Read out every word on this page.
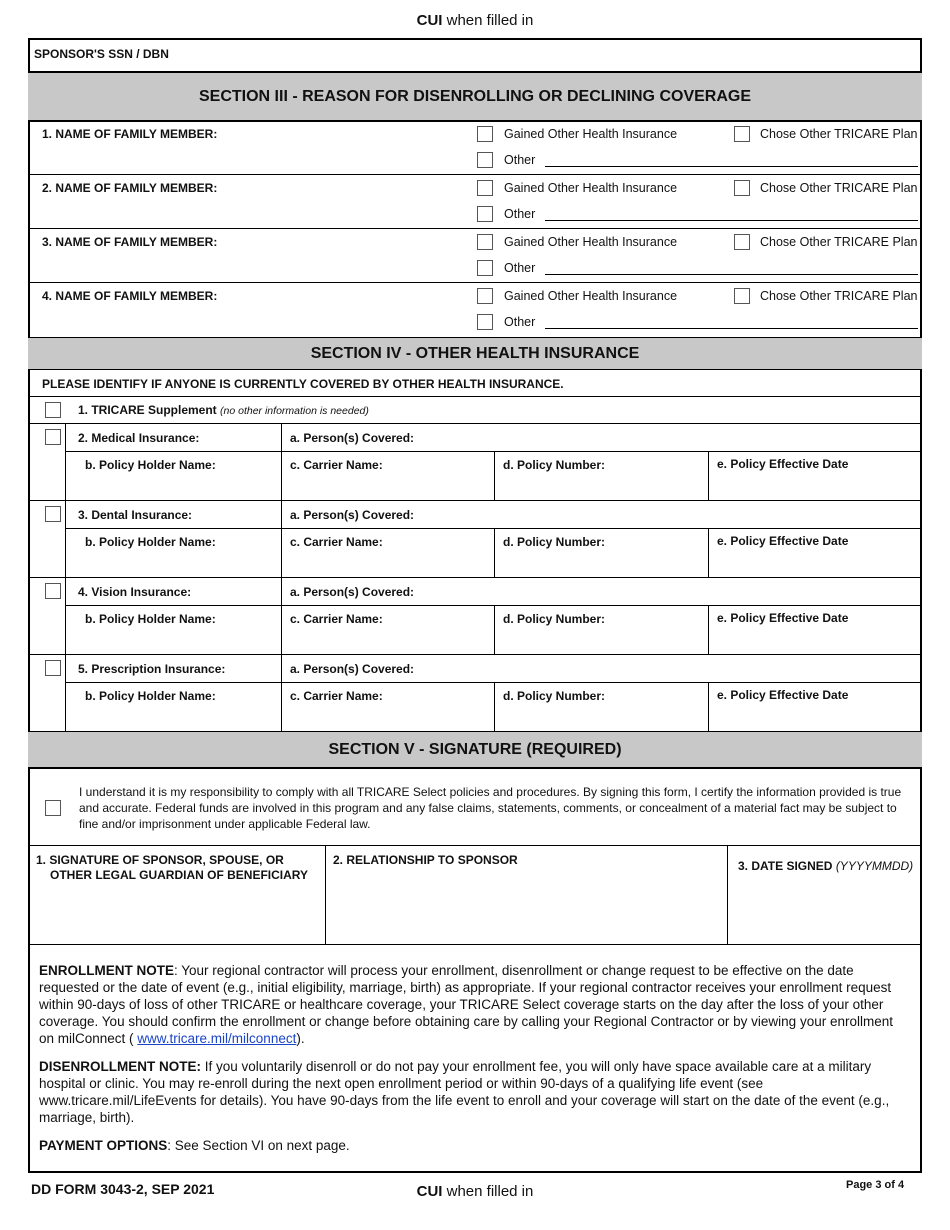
CUI when filled in
SPONSOR'S SSN / DBN
SECTION III - REASON FOR DISENROLLING OR DECLINING COVERAGE
1. NAME OF FAMILY MEMBER:	Gained Other Health Insurance	Chose Other TRICARE Plan
Other
2. NAME OF FAMILY MEMBER:	Gained Other Health Insurance	Chose Other TRICARE Plan
Other
3. NAME OF FAMILY MEMBER:	Gained Other Health Insurance	Chose Other TRICARE Plan
Other
4. NAME OF FAMILY MEMBER:	Gained Other Health Insurance	Chose Other TRICARE Plan
Other
SECTION IV - OTHER HEALTH INSURANCE
PLEASE IDENTIFY IF ANYONE IS CURRENTLY COVERED BY OTHER HEALTH INSURANCE.
1. TRICARE Supplement (no other information is needed)
2. Medical Insurance:	a. Person(s) Covered:
b. Policy Holder Name:	c. Carrier Name:	d. Policy Number:	e. Policy Effective Date
3. Dental Insurance:	a. Person(s) Covered:
b. Policy Holder Name:	c. Carrier Name:	d. Policy Number:	e. Policy Effective Date
4. Vision Insurance:	a. Person(s) Covered:
b. Policy Holder Name:	c. Carrier Name:	d. Policy Number:	e. Policy Effective Date
5. Prescription Insurance:	a. Person(s) Covered:
b. Policy Holder Name:	c. Carrier Name:	d. Policy Number:	e. Policy Effective Date
SECTION V - SIGNATURE (REQUIRED)
I understand it is my responsibility to comply with all TRICARE Select policies and procedures. By signing this form, I certify the information provided is true and accurate. Federal funds are involved in this program and any false claims, statements, comments, or concealment of a material fact may be subject to fine and/or imprisonment under applicable Federal law.
1. SIGNATURE OF SPONSOR, SPOUSE, OR
OTHER LEGAL GUARDIAN OF BENEFICIARY
2. RELATIONSHIP TO SPONSOR	3. DATE SIGNED (YYYYMMDD)
ENROLLMENT NOTE: Your regional contractor will process your enrollment, disenrollment or change request to be effective on the date requested or the date of event (e.g., initial eligibility, marriage, birth) as appropriate. If your regional contractor receives your enrollment request within 90-days of loss of other TRICARE or healthcare coverage, your TRICARE Select coverage starts on the day after the loss of your other coverage. You should confirm the enrollment or change before obtaining care by calling your Regional Contractor or by viewing your enrollment on milConnect ( www.tricare.mil/milconnect).
DISENROLLMENT NOTE: If you voluntarily disenroll or do not pay your enrollment fee, you will only have space available care at a military hospital or clinic. You may re-enroll during the next open enrollment period or within 90-days of a qualifying life event (see www.tricare.mil/LifeEvents for details). You have 90-days from the life event to enroll and your coverage will start on the date of the event (e.g., marriage, birth).
PAYMENT OPTIONS: See Section VI on next page.
DD FORM 3043-2, SEP 2021	CUI when filled in	Page 3 of 4
